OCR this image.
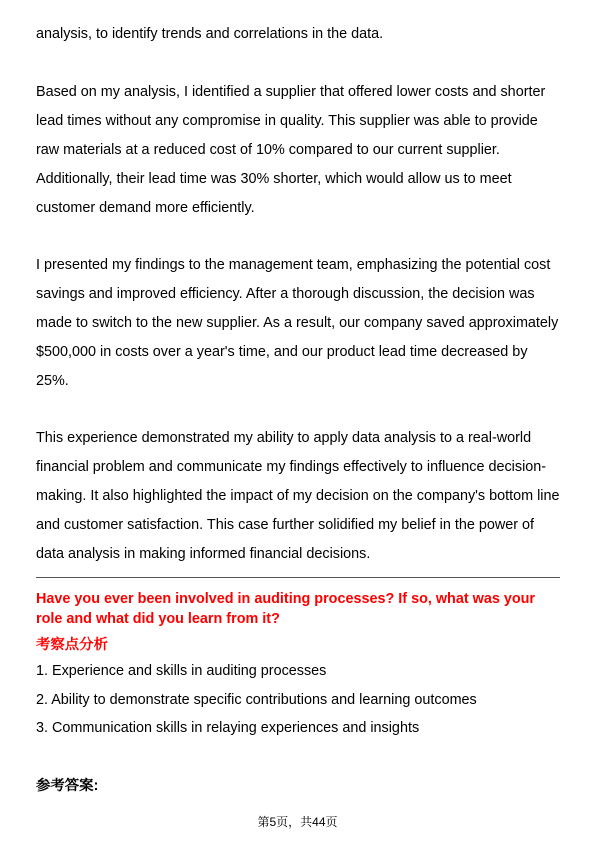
analysis, to identify trends and correlations in the data.

Based on my analysis, I identified a supplier that offered lower costs and shorter lead times without any compromise in quality. This supplier was able to provide raw materials at a reduced cost of 10% compared to our current supplier. Additionally, their lead time was 30% shorter, which would allow us to meet customer demand more efficiently.

I presented my findings to the management team, emphasizing the potential cost savings and improved efficiency. After a thorough discussion, the decision was made to switch to the new supplier. As a result, our company saved approximately $500,000 in costs over a year's time, and our product lead time decreased by 25%.

This experience demonstrated my ability to apply data analysis to a real-world financial problem and communicate my findings effectively to influence decision-making. It also highlighted the impact of my decision on the company's bottom line and customer satisfaction. This case further solidified my belief in the power of data analysis in making informed financial decisions.

Have you ever been involved in auditing processes? If so, what was your role and what did you learn from it?

考察点分析

1. Experience and skills in auditing processes

2. Ability to demonstrate specific contributions and learning outcomes

3. Communication skills in relaying experiences and insights

参考答案:

第5页，共44页
